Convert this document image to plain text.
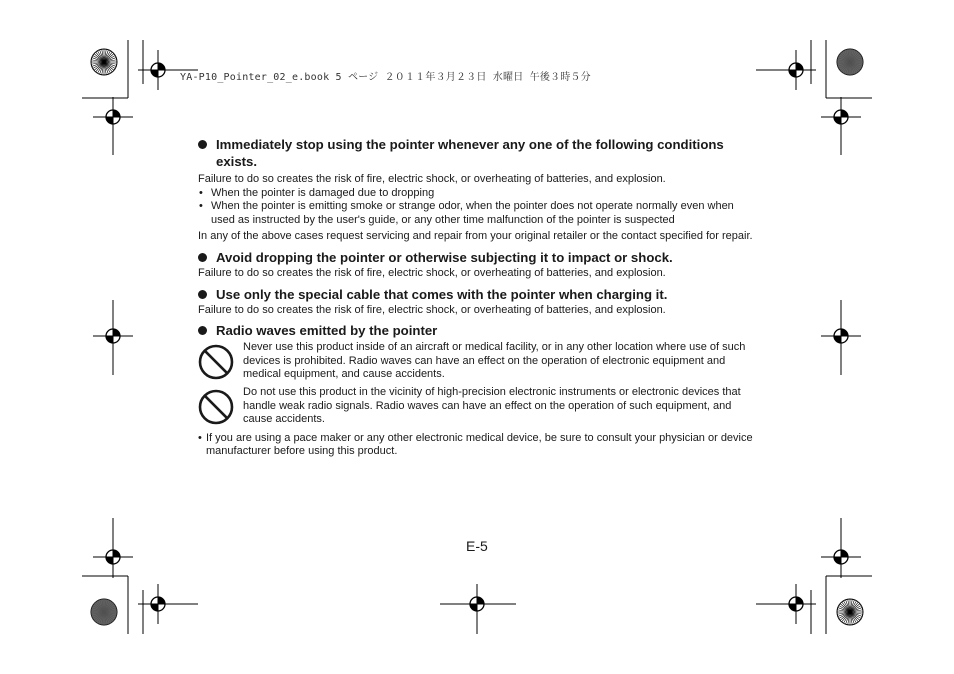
YA-P10_Pointer_02_e.book 5 ページ ２０１１年３月２３日 水曜日 午後３時５分
Immediately stop using the pointer whenever any one of the following conditions exists.

Failure to do so creates the risk of fire, electric shock, or overheating of batteries, and explosion.

• When the pointer is damaged due to dropping
• When the pointer is emitting smoke or strange odor, when the pointer does not operate normally even when used as instructed by the user's guide, or any other time malfunction of the pointer is suspected

In any of the above cases request servicing and repair from your original retailer or the contact specified for repair.

Avoid dropping the pointer or otherwise subjecting it to impact or shock.

Failure to do so creates the risk of fire, electric shock, or overheating of batteries, and explosion.

Use only the special cable that comes with the pointer when charging it.

Failure to do so creates the risk of fire, electric shock, or overheating of batteries, and explosion.

Radio waves emitted by the pointer
Never use this product inside of an aircraft or medical facility, or in any other location where use of such devices is prohibited. Radio waves can have an effect on the operation of electronic equipment and medical equipment, and cause accidents.
Do not use this product in the vicinity of high-precision electronic instruments or electronic devices that handle weak radio signals. Radio waves can have an effect on the operation of such equipment, and cause accidents.
• If you are using a pace maker or any other electronic medical device, be sure to consult your physician or device manufacturer before using this product.
E-5
